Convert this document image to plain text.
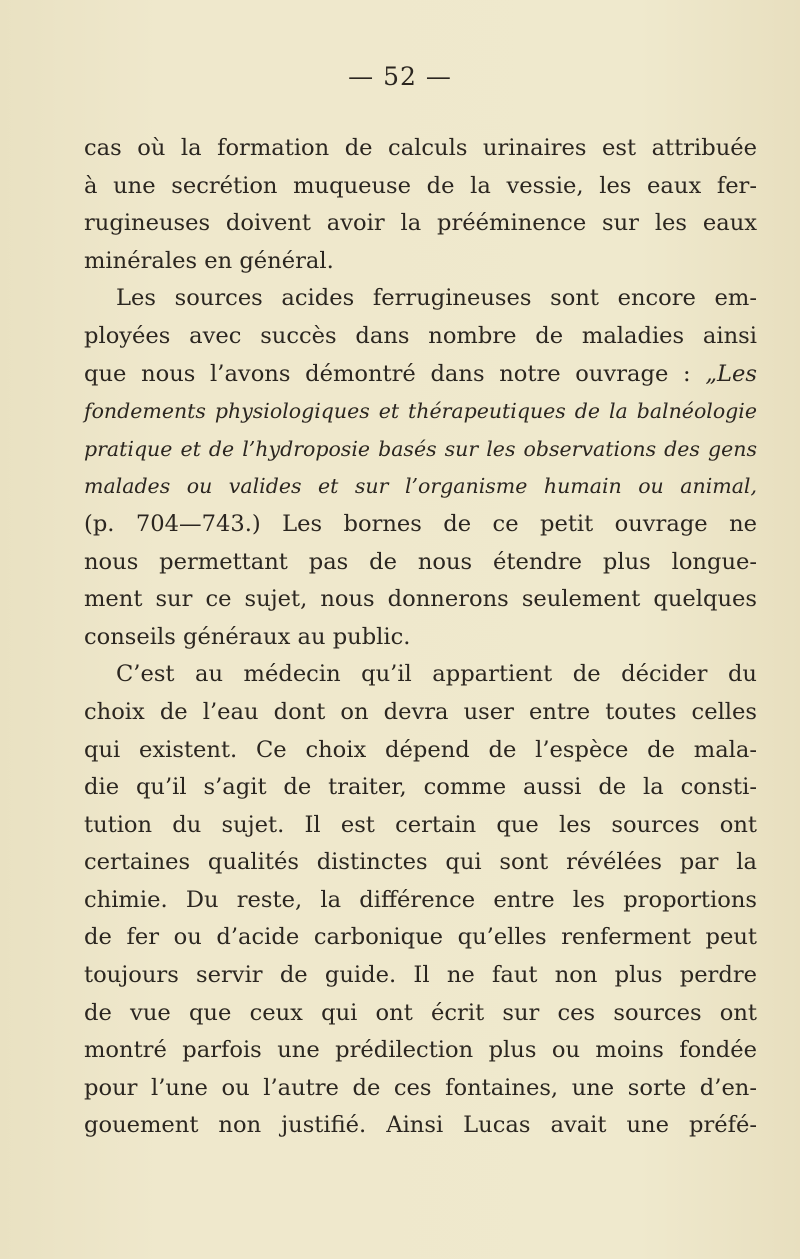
— 52 —
cas où la formation de calculs urinaires est attribuée
à une secrétion muqueuse de la vessie, les eaux fer-
rugineuses doivent avoir la prééminence sur les eaux
minérales en général.
Les sources acides ferrugineuses sont encore em-
ployées avec succès dans nombre de maladies ainsi
que nous l’avons démontré dans notre ouvrage : „Les
fondements physiologiques et thérapeutiques de la balnéologie
pratique et de l’hydroposie basés sur les observations des gens
malades ou valides et sur l’organisme humain ou animal,
(p. 704—743.) Les bornes de ce petit ouvrage ne
nous permettant pas de nous étendre plus longue-
ment sur ce sujet, nous donnerons seulement quelques
conseils généraux au public.
C’est au médecin qu’il appartient de décider du
choix de l’eau dont on devra user entre toutes celles
qui existent. Ce choix dépend de l’espèce de mala-
die qu’il s’agit de traiter, comme aussi de la consti-
tution du sujet. Il est certain que les sources ont
certaines qualités distinctes qui sont révélées par la
chimie. Du reste, la différence entre les proportions
de fer ou d’acide carbonique qu’elles renferment peut
toujours servir de guide. Il ne faut non plus perdre
de vue que ceux qui ont écrit sur ces sources ont
montré parfois une prédilection plus ou moins fondée
pour l’une ou l’autre de ces fontaines, une sorte d’en-
gouement non justifié. Ainsi Lucas avait une préfé-
